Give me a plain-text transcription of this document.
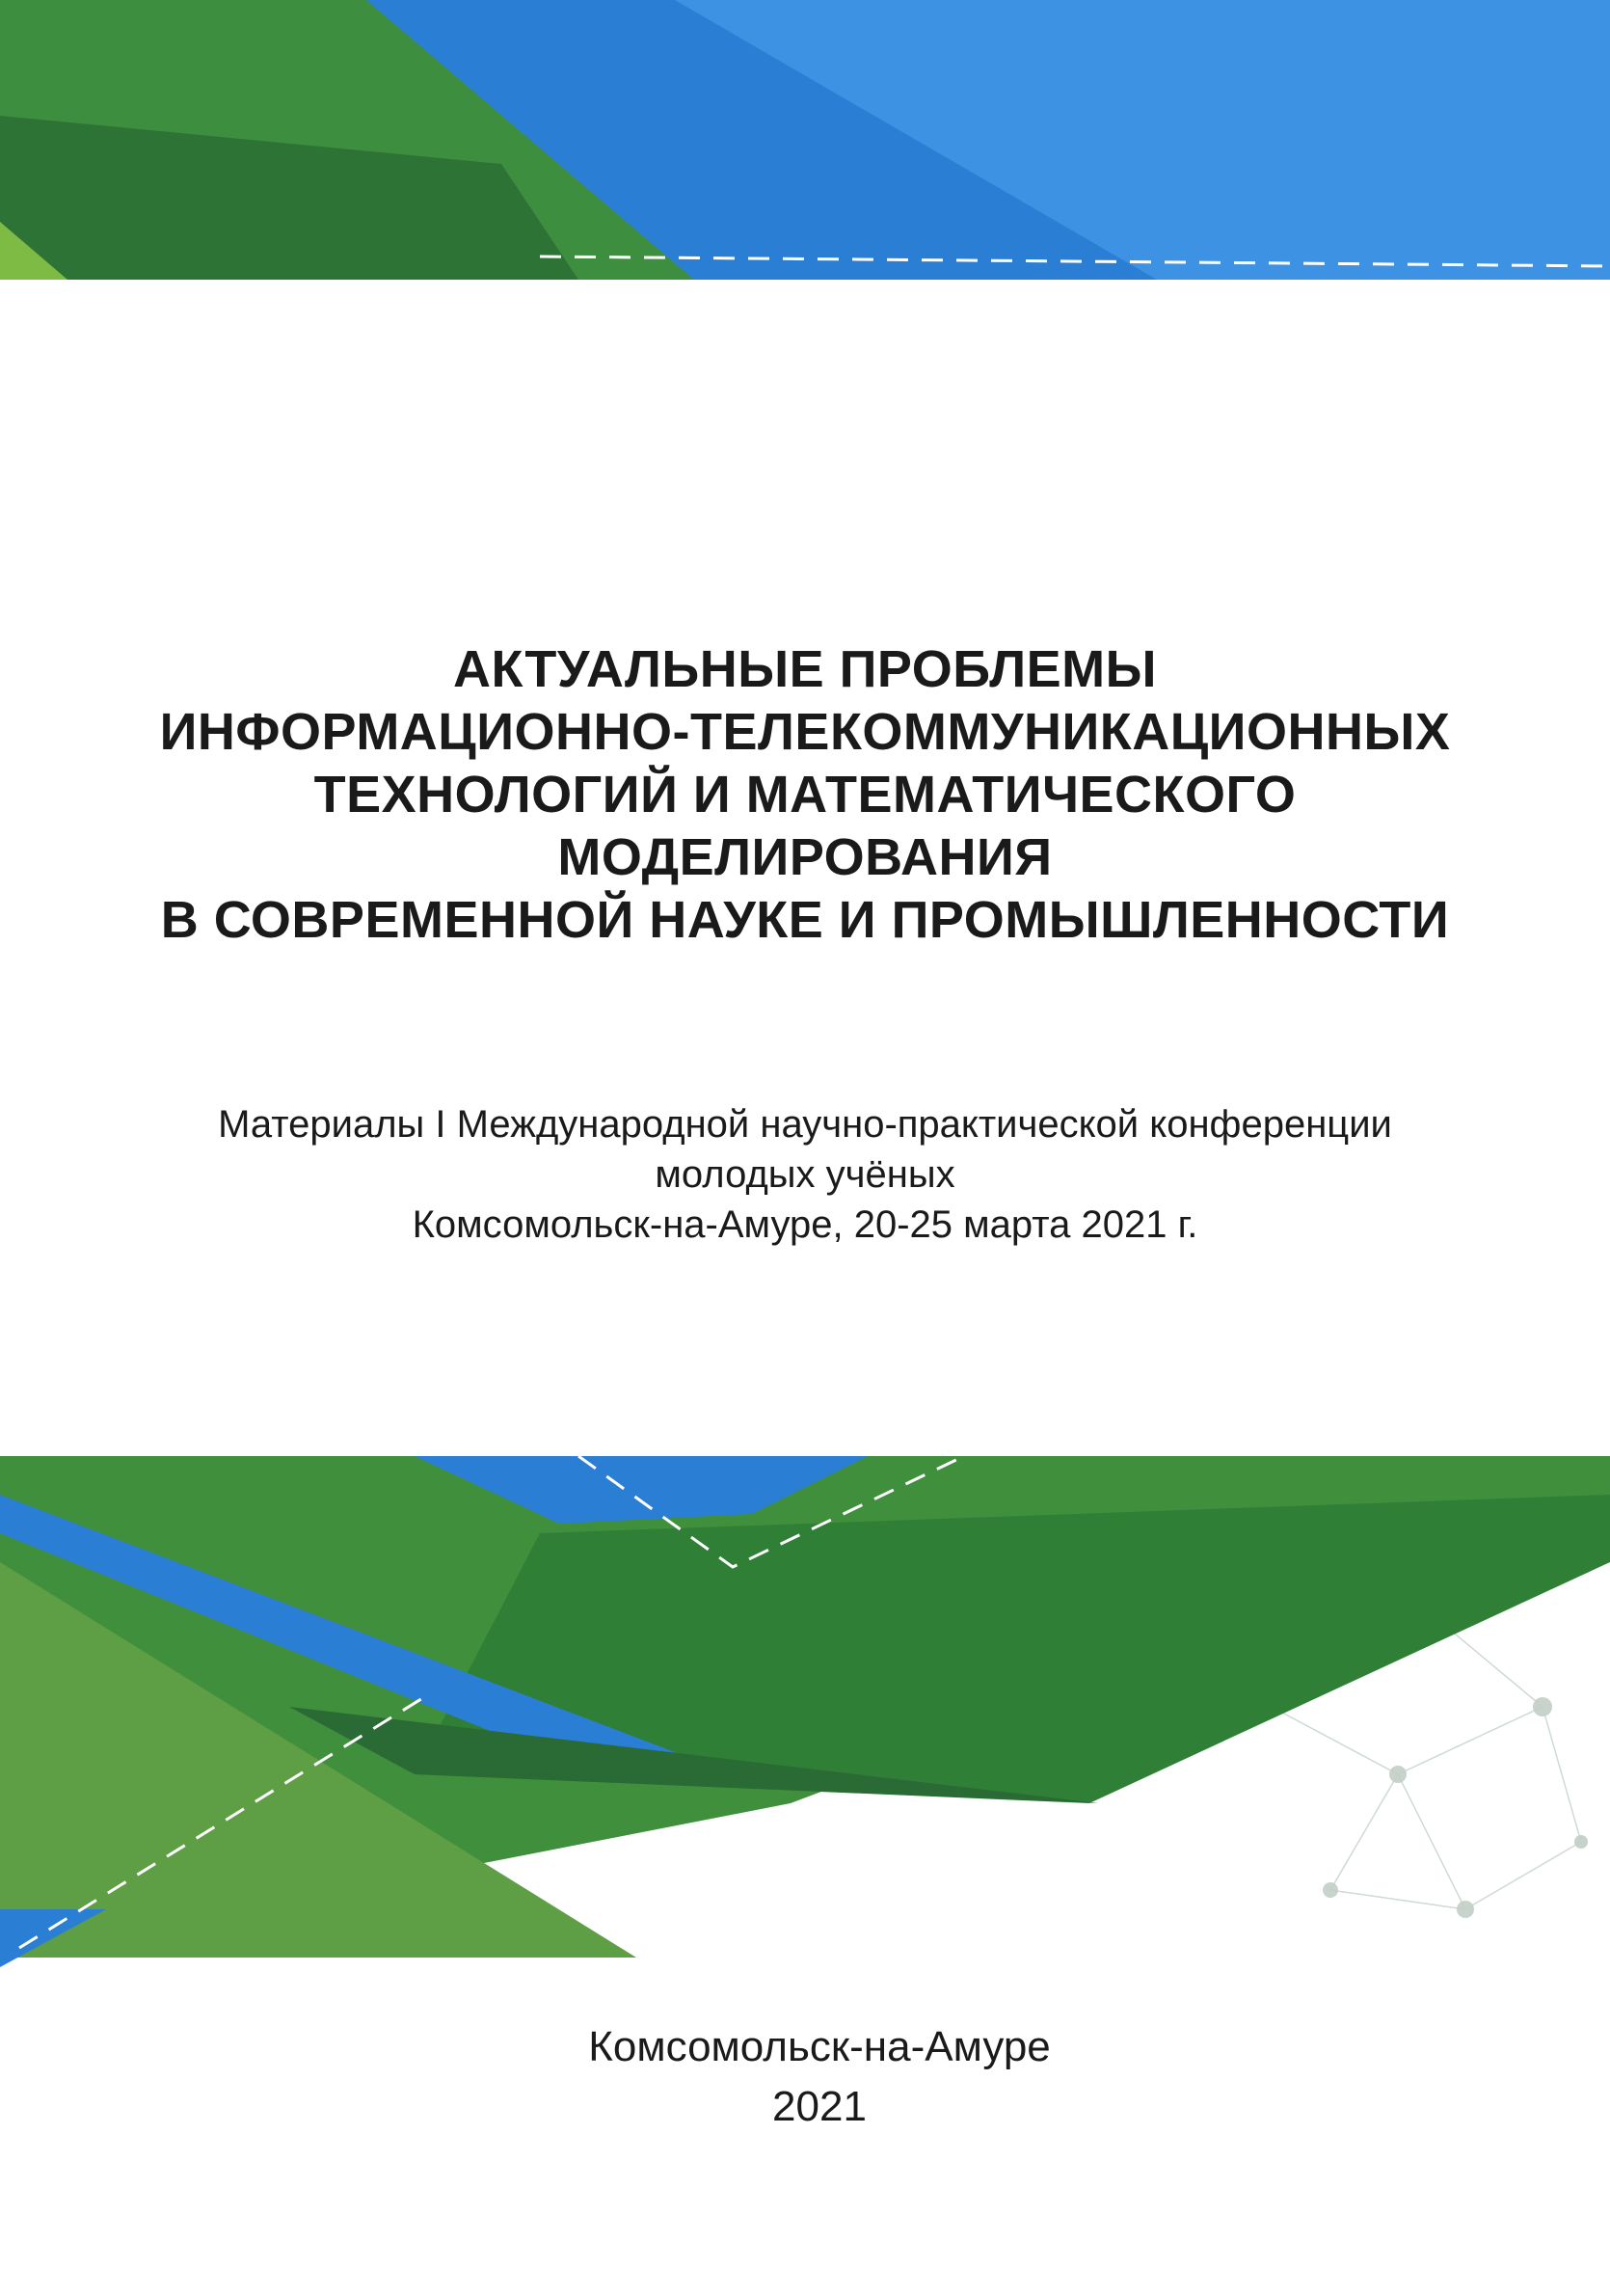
АКТУАЛЬНЫЕ ПРОБЛЕМЫ
ИНФОРМАЦИОННО-ТЕЛЕКОММУНИКАЦИОННЫХ
ТЕХНОЛОГИЙ И МАТЕМАТИЧЕСКОГО
МОДЕЛИРОВАНИЯ
В СОВРЕМЕННОЙ НАУКЕ И ПРОМЫШЛЕННОСТИ
Материалы I Международной научно-практической конференции
молодых учёных
Комсомольск-на-Амуре, 20-25 марта 2021 г.
Комсомольск-на-Амуре
2021
